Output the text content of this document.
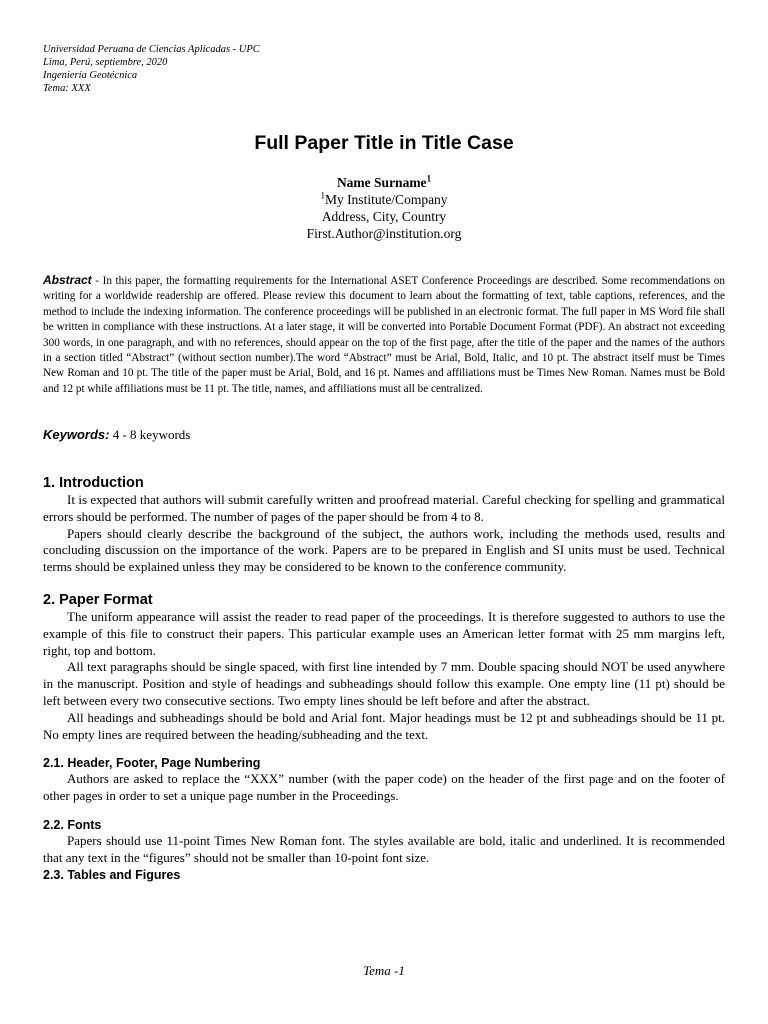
Universidad Peruana de Ciencias Aplicadas - UPC
Lima, Perú, septiembre, 2020
Ingeniería Geotécnica
Tema: XXX
Full Paper Title in Title Case
Name Surname$^1$
$^1$My Institute/Company
Address, City, Country
First.Author@institution.org
Abstract - In this paper, the formatting requirements for the International ASET Conference Proceedings are described. Some recommendations on writing for a worldwide readership are offered. Please review this document to learn about the formatting of text, table captions, references, and the method to include the indexing information. The conference proceedings will be published in an electronic format. The full paper in MS Word file shall be written in compliance with these instructions. At a later stage, it will be converted into Portable Document Format (PDF). An abstract not exceeding 300 words, in one paragraph, and with no references, should appear on the top of the first page, after the title of the paper and the names of the authors in a section titled “Abstract” (without section number).The word “Abstract” must be Arial, Bold, Italic, and 10 pt. The abstract itself must be Times New Roman and 10 pt. The title of the paper must be Arial, Bold, and 16 pt. Names and affiliations must be Times New Roman. Names must be Bold and 12 pt while affiliations must be 11 pt. The title, names, and affiliations must all be centralized.
Keywords: 4 - 8 keywords
1. Introduction

It is expected that authors will submit carefully written and proofread material. Careful checking for spelling and grammatical errors should be performed. The number of pages of the paper should be from 4 to 8.

Papers should clearly describe the background of the subject, the authors work, including the methods used, results and concluding discussion on the importance of the work. Papers are to be prepared in English and SI units must be used. Technical terms should be explained unless they may be considered to be known to the conference community.

2. Paper Format

The uniform appearance will assist the reader to read paper of the proceedings. It is therefore suggested to authors to use the example of this file to construct their papers. This particular example uses an American letter format with 25 mm margins left, right, top and bottom.

All text paragraphs should be single spaced, with first line intended by 7 mm. Double spacing should NOT be used anywhere in the manuscript. Position and style of headings and subheadings should follow this example. One empty line (11 pt) should be left between every two consecutive sections. Two empty lines should be left before and after the abstract.

All headings and subheadings should be bold and Arial font. Major headings must be 12 pt and subheadings should be 11 pt. No empty lines are required between the heading/subheading and the text.

2.1. Header, Footer, Page Numbering

Authors are asked to replace the “XXX” number (with the paper code) on the header of the first page and on the footer of other pages in order to set a unique page number in the Proceedings.

2.2. Fonts

Papers should use 11-point Times New Roman font. The styles available are bold, italic and underlined. It is recommended that any text in the “figures” should not be smaller than 10-point font size.

2.3. Tables and Figures
Tema -1
